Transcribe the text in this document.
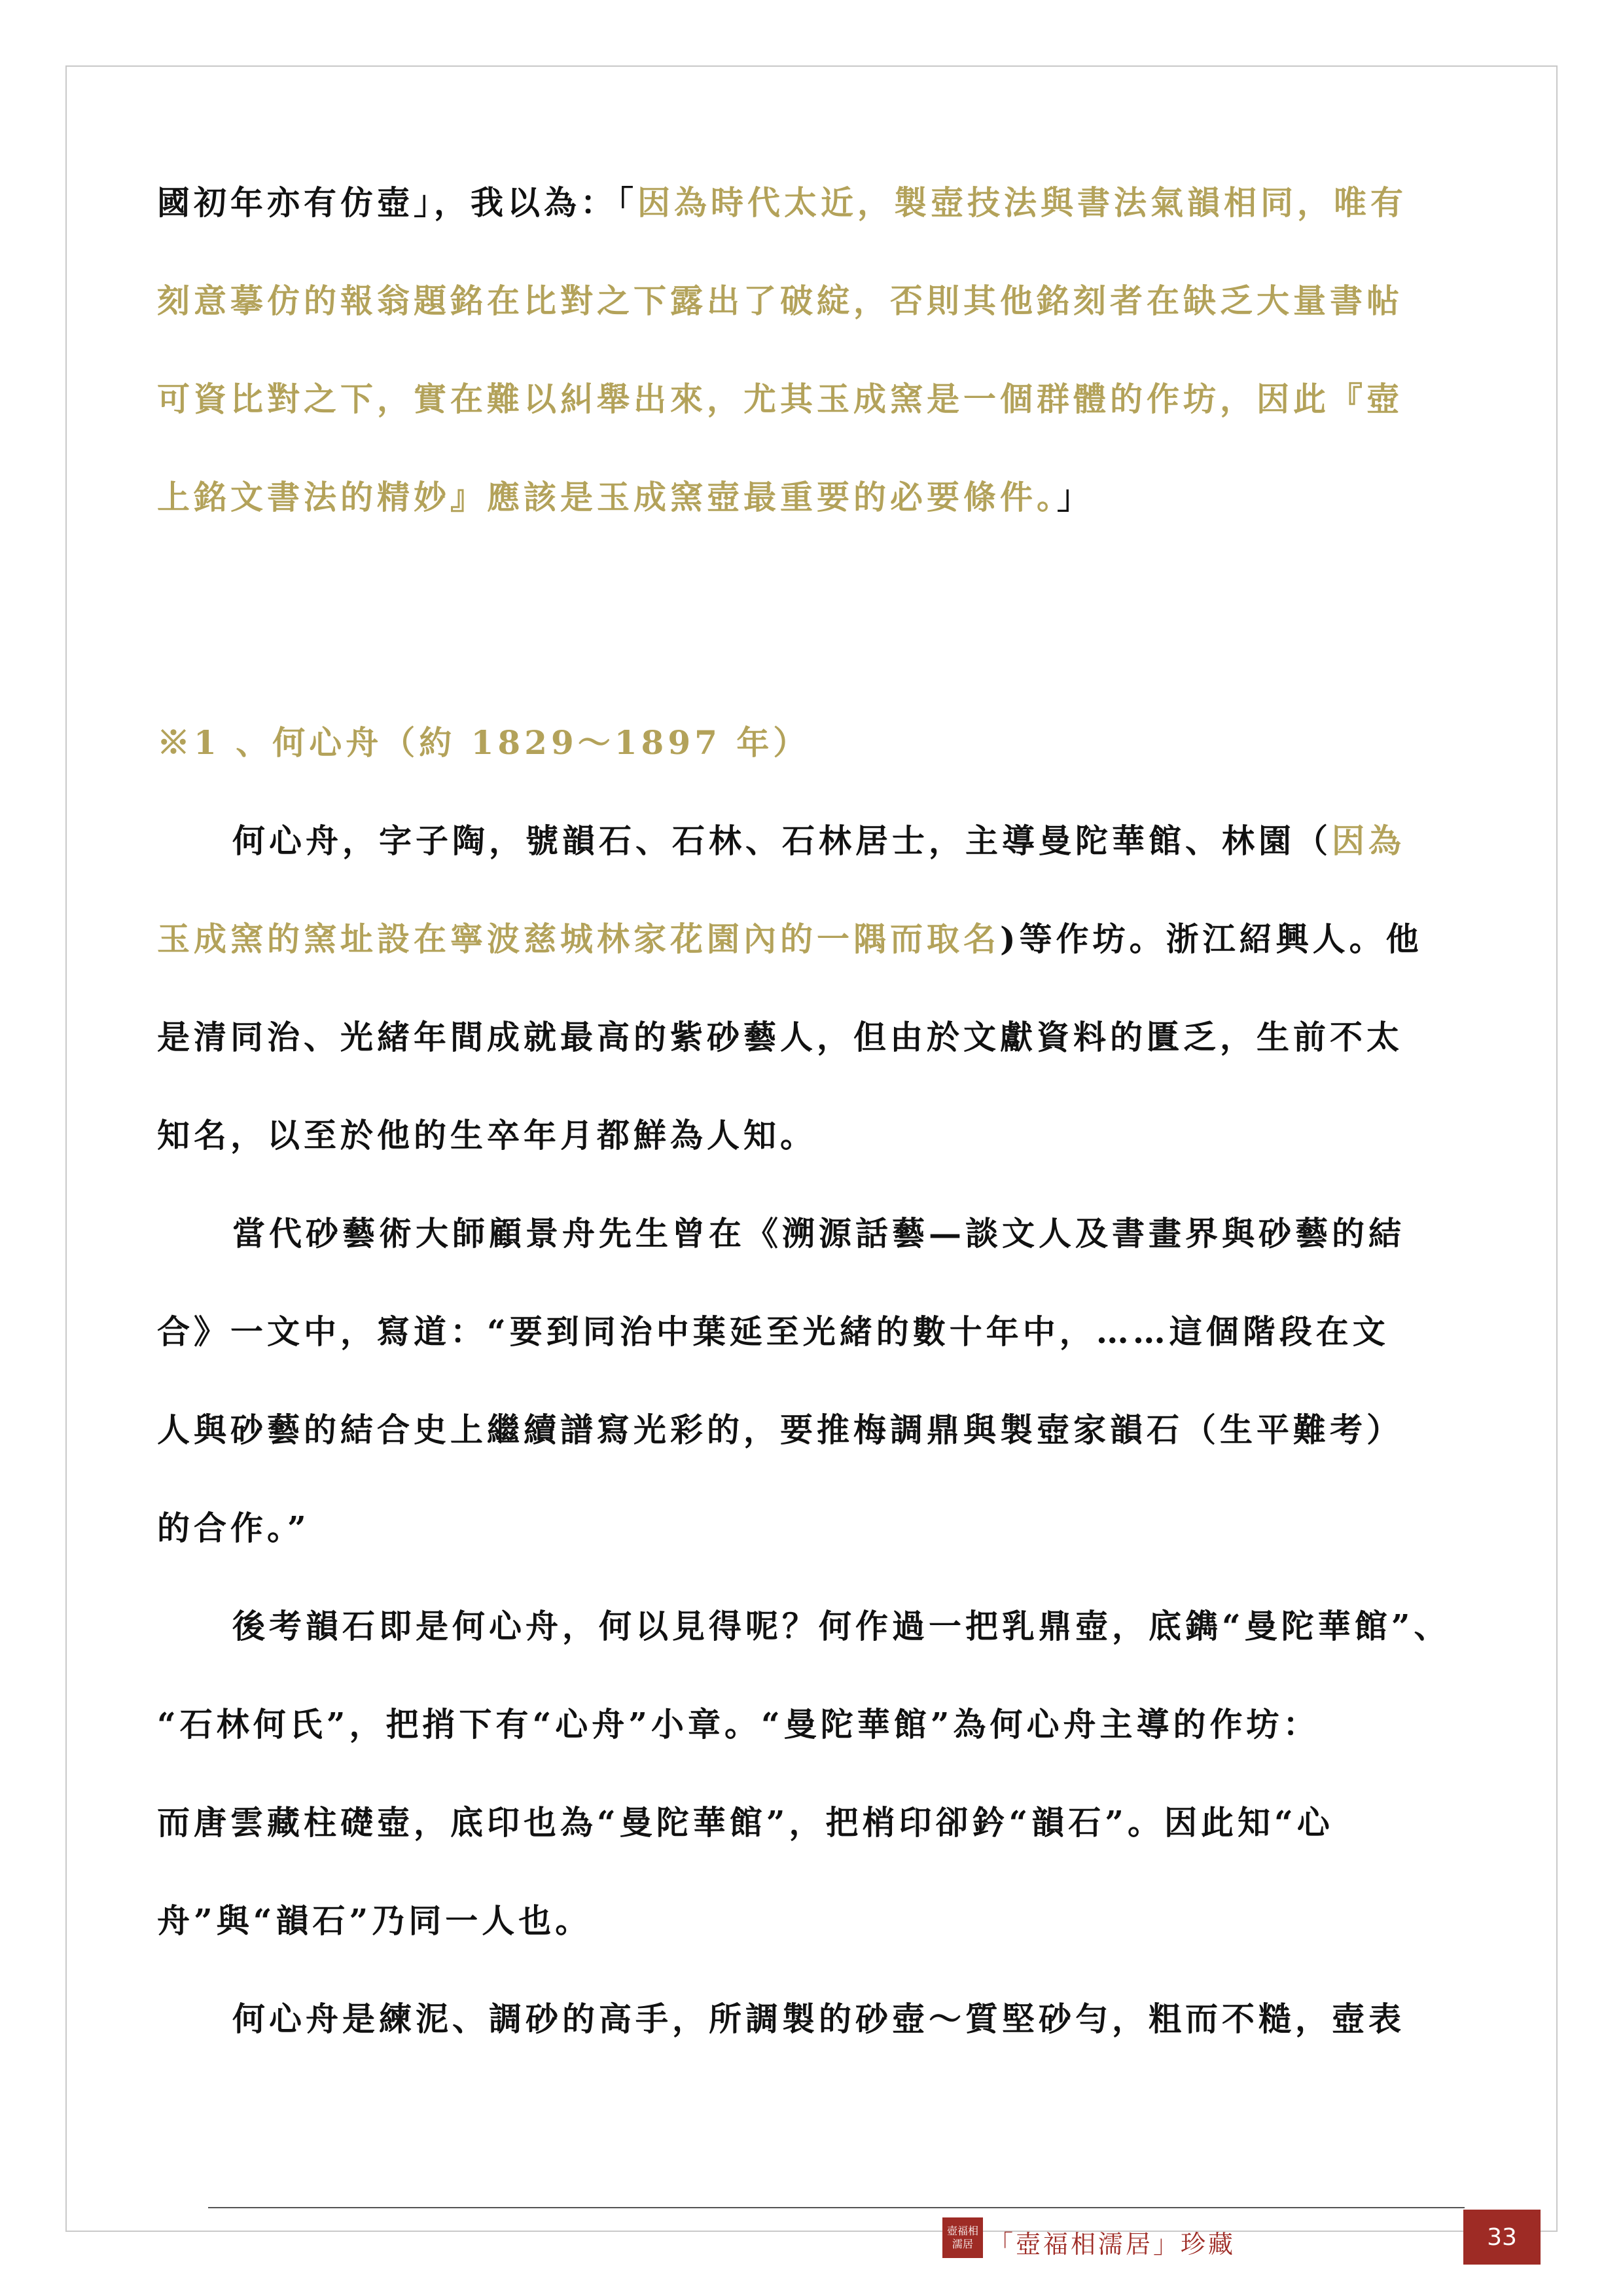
國初年亦有仿壺」，我以為：「因為時代太近，製壺技法與書法氣韻相同，唯有
刻意摹仿的報翁題銘在比對之下露出了破綻，否則其他銘刻者在缺乏大量書帖
可資比對之下，實在難以糾舉出來，尤其玉成窯是一個群體的作坊，因此『壺
上銘文書法的精妙』應該是玉成窯壺最重要的必要條件。」
※1 、何心舟（約 1829～1897 年）
何心舟，字子陶，號韻石、石林、石林居士，主導曼陀華館、林園（因為
玉成窯的窯址設在寧波慈城林家花園內的一隅而取名)等作坊。浙江紹興人。他
是清同治、光緒年間成就最高的紫砂藝人，但由於文獻資料的匱乏，生前不太
知名，以至於他的生卒年月都鮮為人知。
當代砂藝術大師顧景舟先生曾在《溯源話藝—談文人及書畫界與砂藝的結
合》一文中，寫道：“要到同治中葉延至光緒的數十年中，……這個階段在文
人與砂藝的結合史上繼續譜寫光彩的，要推梅調鼎與製壺家韻石（生平難考）
的合作。”
後考韻石即是何心舟，何以見得呢？何作過一把乳鼎壺，底鐫“曼陀華館”、
“石林何氏”，把捎下有“心舟”小章。“曼陀華館”為何心舟主導的作坊：
而唐雲藏柱礎壺，底印也為“曼陀華館”，把梢印卻鈐“韻石”。因此知“心
舟”與“韻石”乃同一人也。
何心舟是練泥、調砂的高手，所調製的砂壺～質堅砂勻，粗而不糙，壺表
壺福相濡居 「壺福相濡居」珍藏	33
